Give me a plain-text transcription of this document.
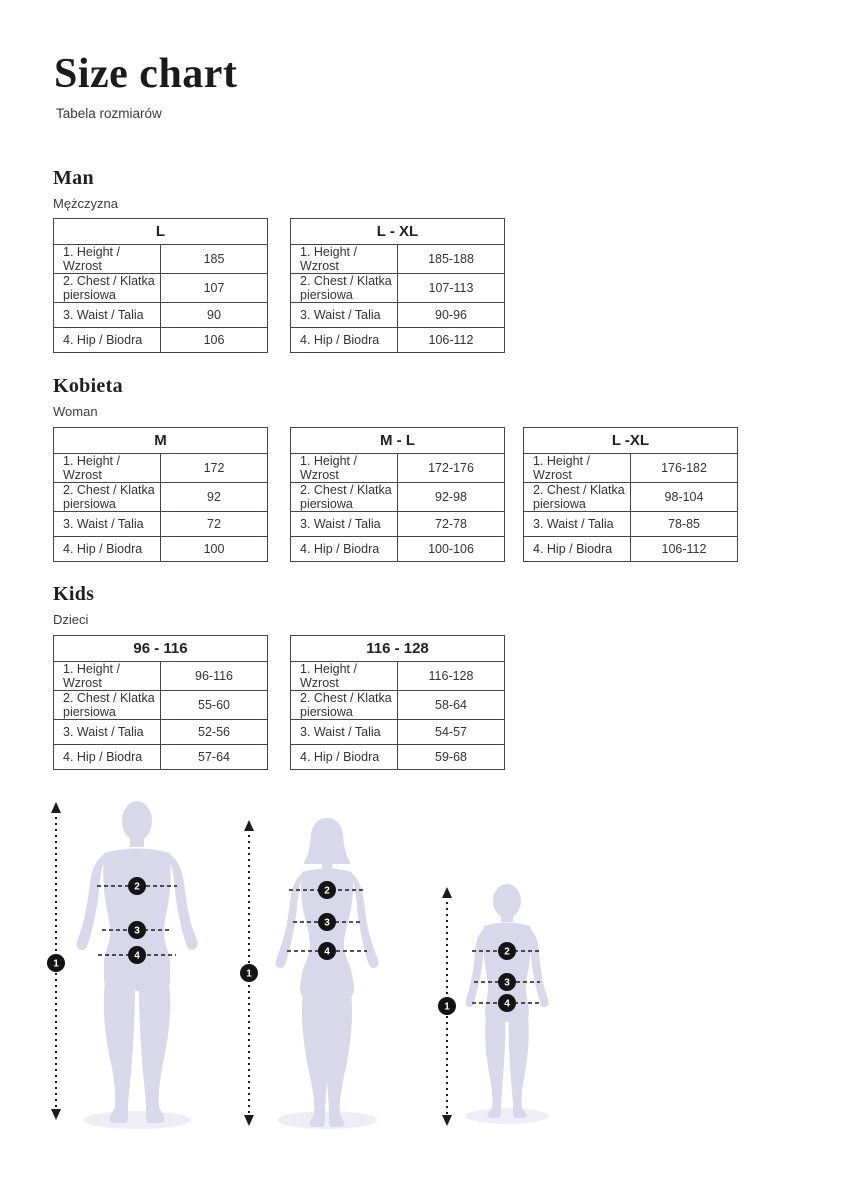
Size chart
Tabela rozmiarów
Man
Mężczyzna
L	
1. Height / Wzrost	185
2. Chest / Klatka piersiowa	107
3. Waist / Talia	90
4. Hip / Biodra	106
L - XL	
1. Height / Wzrost	185-188
2. Chest / Klatka piersiowa	107-113
3. Waist / Talia	90-96
4. Hip / Biodra	106-112
Kobieta
Woman
M	
1. Height / Wzrost	172
2. Chest / Klatka piersiowa	92
3. Waist / Talia	72
4. Hip / Biodra	100
M - L	
1. Height / Wzrost	172-176
2. Chest / Klatka piersiowa	92-98
3. Waist / Talia	72-78
4. Hip / Biodra	100-106
L -XL	
1. Height / Wzrost	176-182
2. Chest / Klatka piersiowa	98-104
3. Waist / Talia	78-85
4. Hip / Biodra	106-112
Kids
Dzieci
96 - 116	
1. Height / Wzrost	96-116
2. Chest / Klatka piersiowa	55-60
3. Waist / Talia	52-56
4. Hip / Biodra	57-64
116 - 128	
1. Height / Wzrost	116-128
2. Chest / Klatka piersiowa	58-64
3. Waist / Talia	54-57
4. Hip / Biodra	59-68
1
2
3
4
1
2
3
4
1
2
3
4
